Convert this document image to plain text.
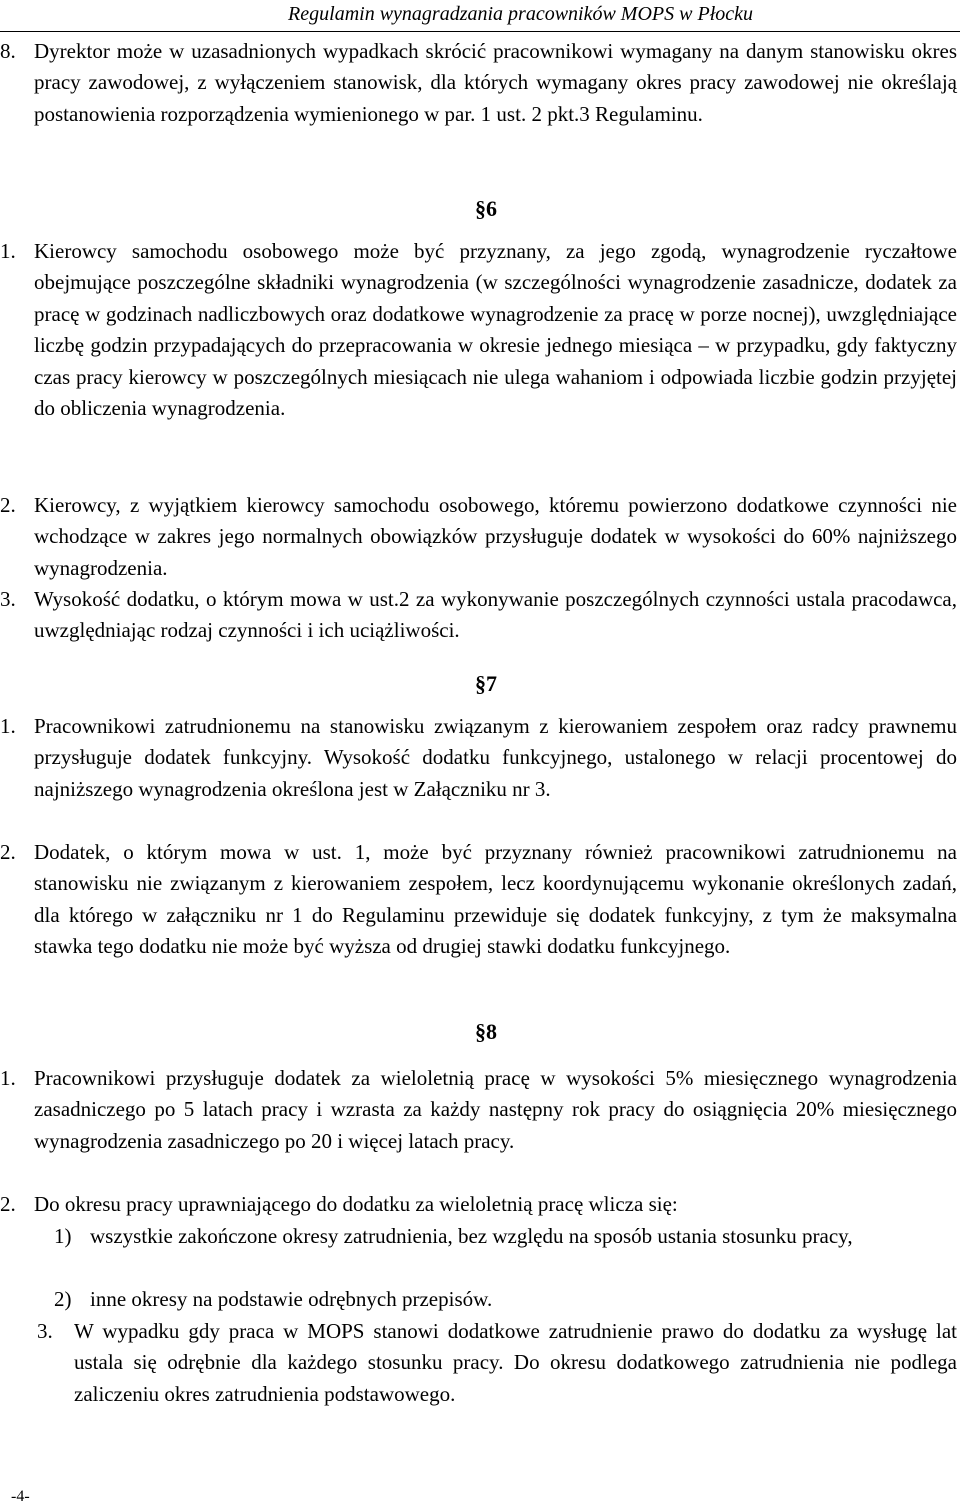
Regulamin wynagradzania pracowników MOPS w Płocku
8. Dyrektor może w uzasadnionych wypadkach skrócić pracownikowi wymagany na danym stanowisku okres pracy zawodowej, z wyłączeniem stanowisk, dla których wymagany okres pracy zawodowej nie określają postanowienia rozporządzenia wymienionego w par. 1 ust. 2 pkt.3 Regulaminu.
§6
1. Kierowcy samochodu osobowego może być przyznany, za jego zgodą, wynagrodzenie ryczałtowe obejmujące poszczególne składniki wynagrodzenia (w szczególności wynagrodzenie zasadnicze, dodatek za pracę w godzinach nadliczbowych oraz dodatkowe wynagrodzenie za pracę w porze nocnej), uwzględniające liczbę godzin przypadających do przepracowania w okresie jednego miesiąca – w przypadku, gdy faktyczny czas pracy kierowcy w poszczególnych miesiącach nie ulega wahaniom i odpowiada liczbie godzin przyjętej do obliczenia wynagrodzenia.
2. Kierowcy, z wyjątkiem kierowcy samochodu osobowego, któremu powierzono dodatkowe czynności nie wchodzące w zakres jego normalnych obowiązków przysługuje dodatek w wysokości do 60% najniższego wynagrodzenia.
3. Wysokość dodatku, o którym mowa w ust.2 za wykonywanie poszczególnych czynności ustala pracodawca, uwzględniając rodzaj czynności i ich uciążliwości.
§7
1. Pracownikowi zatrudnionemu na stanowisku związanym z kierowaniem zespołem oraz radcy prawnemu przysługuje dodatek funkcyjny. Wysokość dodatku funkcyjnego, ustalonego w relacji procentowej do najniższego wynagrodzenia określona jest w Załączniku nr 3.
2. Dodatek, o którym mowa w ust. 1, może być przyznany również pracownikowi zatrudnionemu na stanowisku nie związanym z kierowaniem zespołem, lecz koordynującemu wykonanie określonych zadań, dla którego w załączniku nr 1 do Regulaminu przewiduje się dodatek funkcyjny, z tym że maksymalna stawka tego dodatku nie może być wyższa od drugiej stawki dodatku funkcyjnego.
§8
1. Pracownikowi przysługuje dodatek za wieloletnią pracę w wysokości 5% miesięcznego wynagrodzenia zasadniczego po 5 latach pracy i wzrasta za każdy następny rok pracy do osiągnięcia 20% miesięcznego wynagrodzenia zasadniczego po 20 i więcej latach pracy.
2. Do okresu pracy uprawniającego do dodatku za wieloletnią pracę wlicza się:
1) wszystkie zakończone okresy zatrudnienia, bez względu na sposób ustania stosunku pracy,
2) inne okresy na podstawie odrębnych przepisów.
3. W wypadku gdy praca w MOPS stanowi dodatkowe zatrudnienie prawo do dodatku za wysługę lat ustala się odrębnie dla każdego stosunku pracy. Do okresu dodatkowego zatrudnienia nie podlega zaliczeniu okres zatrudnienia podstawowego.
-4-
